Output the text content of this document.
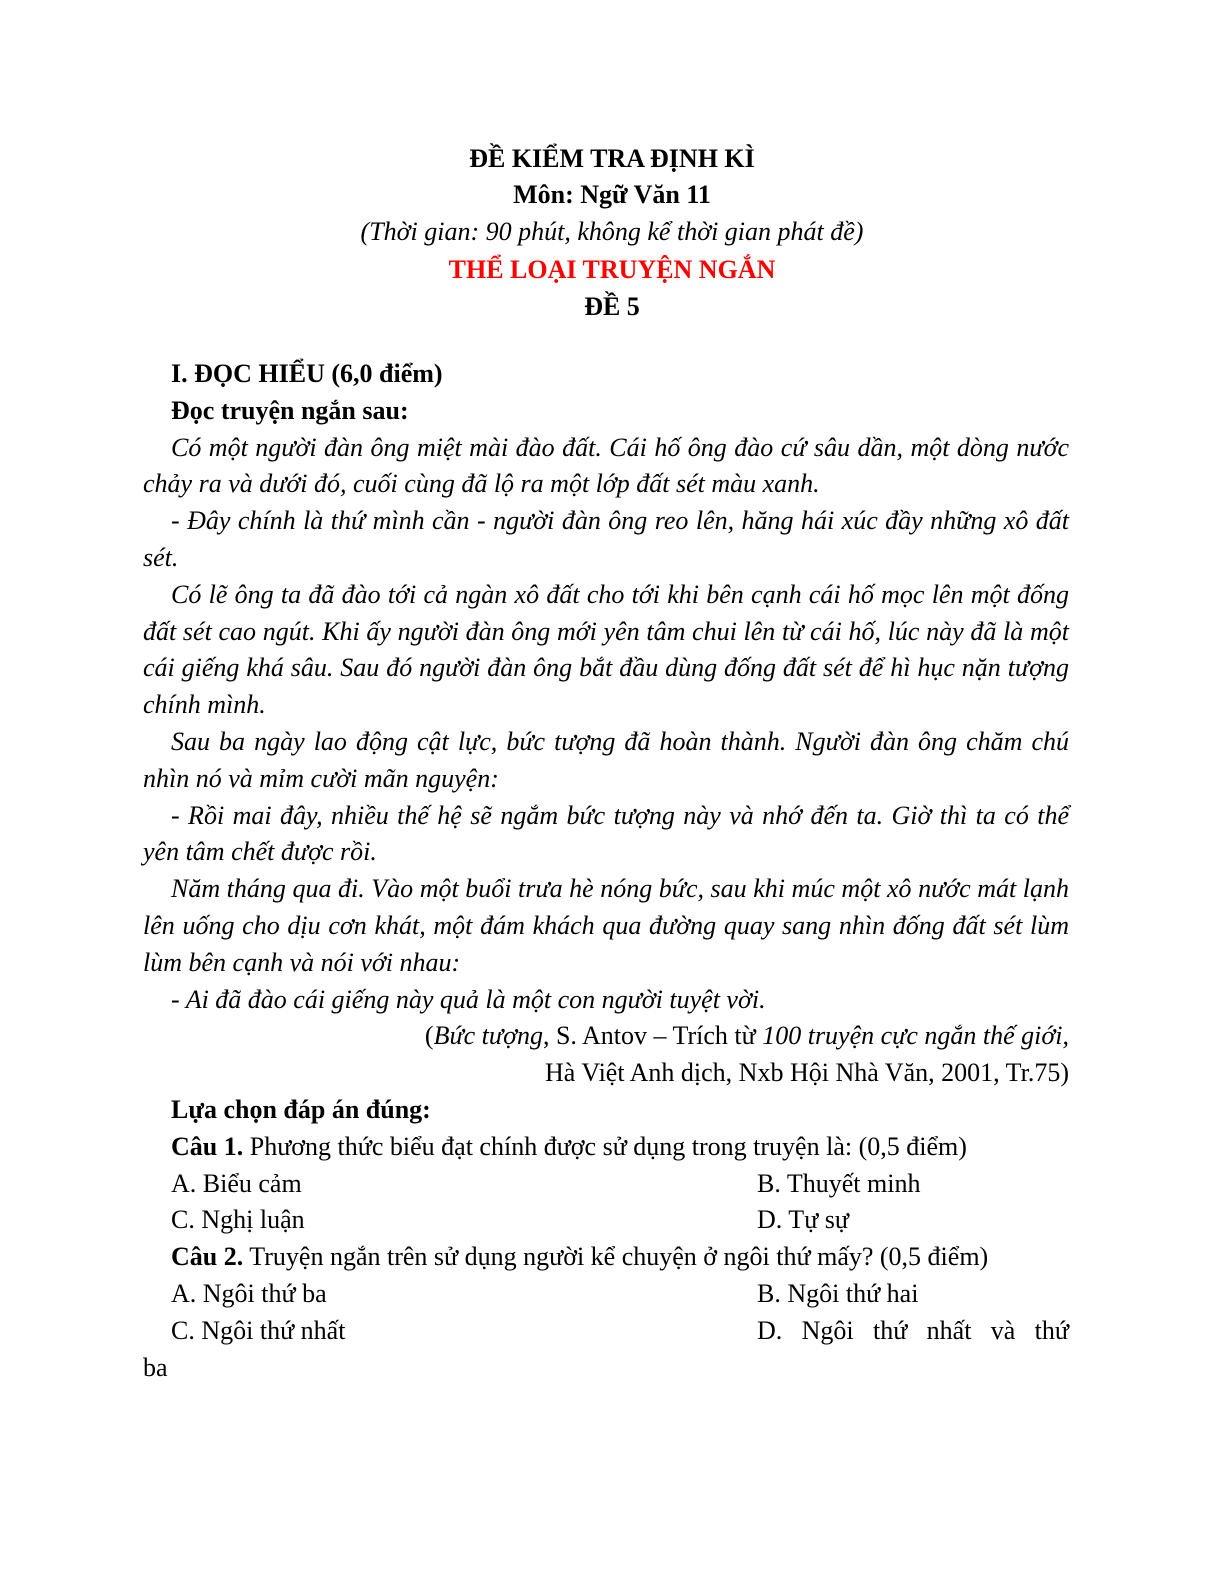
ĐỀ KIỂM TRA ĐỊNH KÌ
Môn: Ngữ Văn 11
(Thời gian: 90 phút, không kể thời gian phát đề)
THỂ LOẠI TRUYỆN NGẮN
ĐỀ 5
I. ĐỌC HIỂU (6,0 điểm)
Đọc truyện ngắn sau:

Có một người đàn ông miệt mài đào đất. Cái hố ông đào cứ sâu dần, một dòng nước chảy ra và dưới đó, cuối cùng đã lộ ra một lớp đất sét màu xanh.

- Đây chính là thứ mình cần - người đàn ông reo lên, hăng hái xúc đầy những xô đất sét.

Có lẽ ông ta đã đào tới cả ngàn xô đất cho tới khi bên cạnh cái hố mọc lên một đống đất sét cao ngút. Khi ấy người đàn ông mới yên tâm chui lên từ cái hố, lúc này đã là một cái giếng khá sâu. Sau đó người đàn ông bắt đầu dùng đống đất sét để hì hục nặn tượng chính mình.

Sau ba ngày lao động cật lực, bức tượng đã hoàn thành. Người đàn ông chăm chú nhìn nó và mỉm cười mãn nguyện:

- Rồi mai đây, nhiều thế hệ sẽ ngắm bức tượng này và nhớ đến ta. Giờ thì ta có thể yên tâm chết được rồi.

Năm tháng qua đi. Vào một buổi trưa hè nóng bức, sau khi múc một xô nước mát lạnh lên uống cho dịu cơn khát, một đám khách qua đường quay sang nhìn đống đất sét lùm lùm bên cạnh và nói với nhau:

- Ai đã đào cái giếng này quả là một con người tuyệt vời.

(Bức tượng, S. Antov – Trích từ 100 truyện cực ngắn thế giới,
Hà Việt Anh dịch, Nxb Hội Nhà Văn, 2001, Tr.75)
Lựa chọn đáp án đúng:
Câu 1. Phương thức biểu đạt chính được sử dụng trong truyện là: (0,5 điểm)
A. Biểu cảm	B. Thuyết minh
C. Nghị luận	D. Tự sự
Câu 2. Truyện ngắn trên sử dụng người kể chuyện ở ngôi thứ mấy? (0,5 điểm)
A. Ngôi thứ ba	B. Ngôi thứ hai
C. Ngôi thứ nhất	D. Ngôi thứ nhất và thứ
ba
